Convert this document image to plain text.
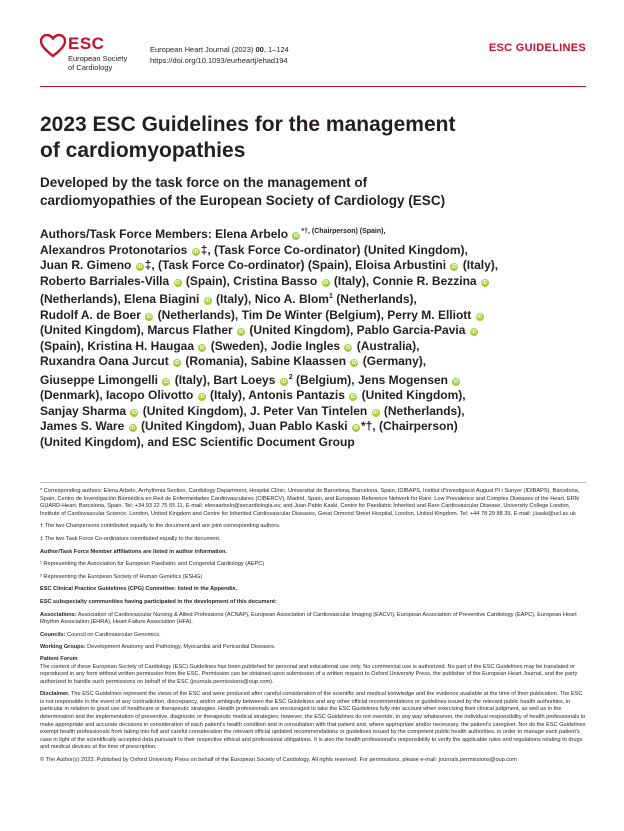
ESC
European Society
of Cardiology
European Heart Journal (2023) 00, 1–124
https://doi.org/10.1093/eurheartj/ehad194
ESC GUIDELINES
2023 ESC Guidelines for the management
of cardiomyopathies
Developed by the task force on the management of
cardiomyopathies of the European Society of Cardiology (ESC)
Authors/Task Force Members: Elena Arbelo $iD^{*\dagger, (Chairperson) (Spain),}$
Alexandros Protonotarios iD ‡, (Task Force Co-ordinator) (United Kingdom),
Juan R. Gimeno iD ‡, (Task Force Co-ordinator) (Spain), Eloisa Arbustini iD (Italy),
Roberto Barriales-Villa iD (Spain), Cristina Basso iD (Italy), Connie R. Bezzina iD
(Netherlands), Elena Biagini iD (Italy), Nico A. Blom$^1$ (Netherlands),
Rudolf A. de Boer iD (Netherlands), Tim De Winter (Belgium), Perry M. Elliott iD
(United Kingdom), Marcus Flather iD (United Kingdom), Pablo Garcia-Pavia iD
(Spain), Kristina H. Haugaa iD (Sweden), Jodie Ingles iD (Australia),
Ruxandra Oana Jurcut iD (Romania), Sabine Klaassen iD (Germany),
Giuseppe Limongelli iD (Italy), Bart Loeys $iD^2$ (Belgium), Jens Mogensen iD
(Denmark), Iacopo Olivotto iD (Italy), Antonis Pantazis iD (United Kingdom),
Sanjay Sharma iD (United Kingdom), J. Peter Van Tintelen iD (Netherlands),
James S. Ware iD (United Kingdom), Juan Pablo Kaski iD *†, (Chairperson)
(United Kingdom), and ESC Scientific Document Group

* Corresponding authors: Elena Arbelo, Arrhythmia Section, Cardiology Department, Hospital Clínic, Universitat de Barcelona, Barcelona, Spain, IDIBAPS, Institut d'Investigació August Pi i Sunyer (IDIBAPS), Barcelona, Spain, Centro de Investigación Biomédica en Red de Enfermedades Cardiovasculares (CIBERCV), Madrid, Spain, and European Reference Network for Rare, Low Prevalence and Complex Diseases of the Heart, ERN GUARD-Heart, Barcelona, Spain. Tel: +34 93 22 75 55 11, E-mail: elenaarbelo@secardiologia.es; and Juan Pablo Kaski, Centre for Paediatric Inherited and Rare Cardiovascular Disease, University College London, Institute of Cardiovascular Science, London, United Kingdom and Centre for Inherited Cardiovascular Diseases, Great Ormond Street Hospital, London, United Kingdom. Tel: +44 78 29 88 39, E-mail: j.kaski@ucl.ac.uk

† The two Chairpersons contributed equally to the document and are joint corresponding authors.

‡ The two Task Force Co-ordinators contributed equally to the document.

Author/Task Force Member affiliations are listed in author information.

¹ Representing the Association for European Paediatric and Congenital Cardiology (AEPC)

² Representing the European Society of Human Genetics (ESHG)

ESC Clinical Practice Guidelines (CPG) Committee: listed in the Appendix.

ESC subspecialty communities having participated in the development of this document:

Associations: Association of Cardiovascular Nursing & Allied Professions (ACNAP), European Association of Cardiovascular Imaging (EACVI), European Association of Preventive Cardiology (EAPC), European Heart Rhythm Association (EHRA), Heart Failure Association (HFA).

Councils: Council on Cardiovascular Genomics.

Working Groups: Development Anatomy and Pathology, Myocardial and Pericardial Diseases.

Patient Forum

The content of these European Society of Cardiology (ESC) Guidelines has been published for personal and educational use only. No commercial use is authorized. No part of the ESC Guidelines may be translated or reproduced in any form without written permission from the ESC. Permission can be obtained upon submission of a written request to Oxford University Press, the publisher of the European Heart Journal, and the party authorized to handle such permissions on behalf of the ESC (journals.permissions@oup.com).

Disclaimer. The ESC Guidelines represent the views of the ESC and were produced after careful consideration of the scientific and medical knowledge and the evidence available at the time of their publication. The ESC is not responsible in the event of any contradiction, discrepancy, and/or ambiguity between the ESC Guidelines and any other official recommendations or guidelines issued by the relevant public health authorities, in particular in relation to good use of healthcare or therapeutic strategies. Health professionals are encouraged to take the ESC Guidelines fully into account when exercising their clinical judgment, as well as in the determination and the implementation of preventive, diagnostic or therapeutic medical strategies; however, the ESC Guidelines do not override, in any way whatsoever, the individual responsibility of health professionals to make appropriate and accurate decisions in consideration of each patient's health condition and in consultation with that patient and, where appropriate and/or necessary, the patient's caregiver. Nor do the ESC Guidelines exempt health professionals from taking into full and careful consideration the relevant official updated recommendations or guidelines issued by the competent public health authorities, in order to manage each patient's case in light of the scientifically accepted data pursuant to their respective ethical and professional obligations. It is also the health professional's responsibility to verify the applicable rules and regulations relating to drugs and medical devices at the time of prescription.

© The Author(s) 2023. Published by Oxford University Press on behalf of the European Society of Cardiology. All rights reserved. For permissions, please e-mail: journals.permissions@oup.com
